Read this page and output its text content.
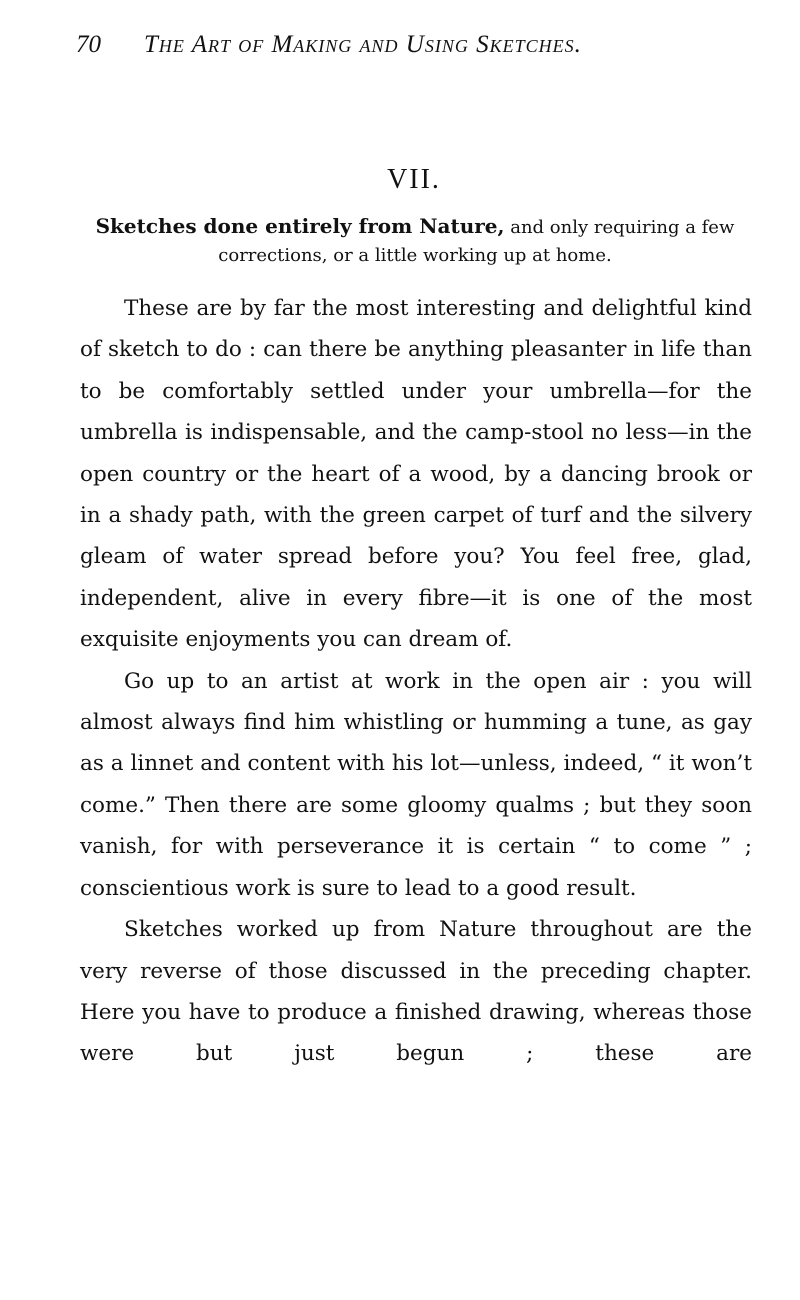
70 The Art of Making and Using Sketches.
VII.
Sketches done entirely from Nature, and only requiring a few corrections, or a little working up at home.

These are by far the most interesting and delightful kind of sketch to do : can there be anything pleasanter in life than to be comfortably settled under your umbrella—for the umbrella is indispensable, and the camp-stool no less—in the open country or the heart of a wood, by a dancing brook or in a shady path, with the green carpet of turf and the silvery gleam of water spread before you? You feel free, glad, independent, alive in every fibre—it is one of the most exquisite enjoyments you can dream of.

Go up to an artist at work in the open air : you will almost always find him whistling or humming a tune, as gay as a linnet and content with his lot—unless, indeed, “ it won’t come.” Then there are some gloomy qualms ; but they soon vanish, for with perseverance it is certain “ to come ” ; conscientious work is sure to lead to a good result.

Sketches worked up from Nature throughout are the very reverse of those discussed in the preceding chapter. Here you have to produce a finished drawing, whereas those were but just begun ; these are
